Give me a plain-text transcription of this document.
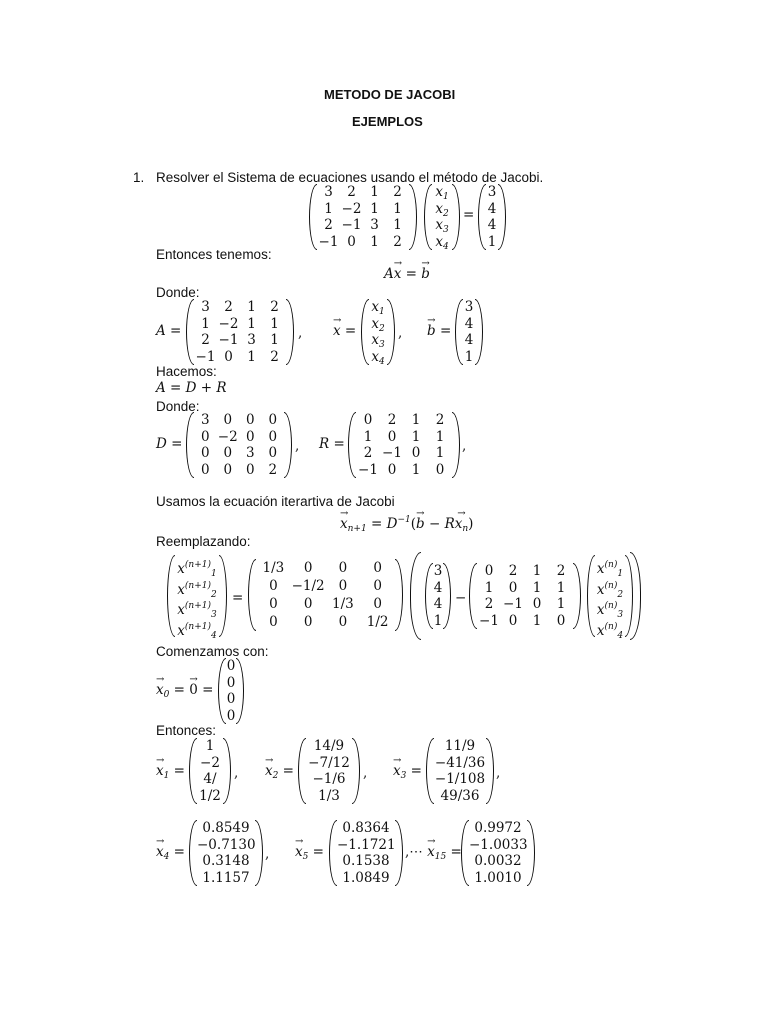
METODO DE JACOBI
EJEMPLOS
1. Resolver el Sistema de ecuaciones usando el método de Jacobi.
3	2	1	2
1 −2 1	1
2 −1 3	1
−1 0	1	2
x1
x2
x3
x4
=
3
4
4
1
Entonces tenemos:
A→ x = → b
Donde:
A =
3	2	1	2
1 −2 1	1
2 −1 3	1
−1 0	1	2
, → x =
x1
x2
x3
x4
, → b =
3
4
4
1
Hacemos:
A = D + R
Donde:
D =
3	0	0	0
0 −2 0	0
0	0	3	0
0	0	0	2
, R =
0	2	1	2
1	0	1	1
2 −1 0	1
−1 0	1	0
,
Usamos la ecuación iterartiva de Jacobi
→ $x_{n+1} = D^{-1}(\to b - R\to x_n)$
Reemplazando:
x(n+1)1
x(n+1)2
x(n+1)3
x(n+1)4
=
1/3	0	0	0
0	−1/2	0	0
0	0	1/3	0
0	0	0	1/2
3
4
4
1
−
0	2	1	2
1	0	1	1
2 −1 0	1
−1 0	1	0
x(n)1
x(n)2
x(n)3
x(n)4
Comenzamos con:
→ $x_0$ = → 0 =
0
0
0
0
Entonces:
→ $x_1$ =
1
−2
4/
1/2
, → $x_2$ =
14/9
−7/12
−1/6
1/3
, → $x_3$ =
11/9
−41/36
−1/108
49/36
,
→ $x_4$ =
0.8549
−0.7130
0.3148
1.1157
, → $x_5$ =
0.8364
−1.1721
0.1538
1.0849
,⋯ → $x_{15}$ =
0.9972
−1.0033
0.0032
1.0010
